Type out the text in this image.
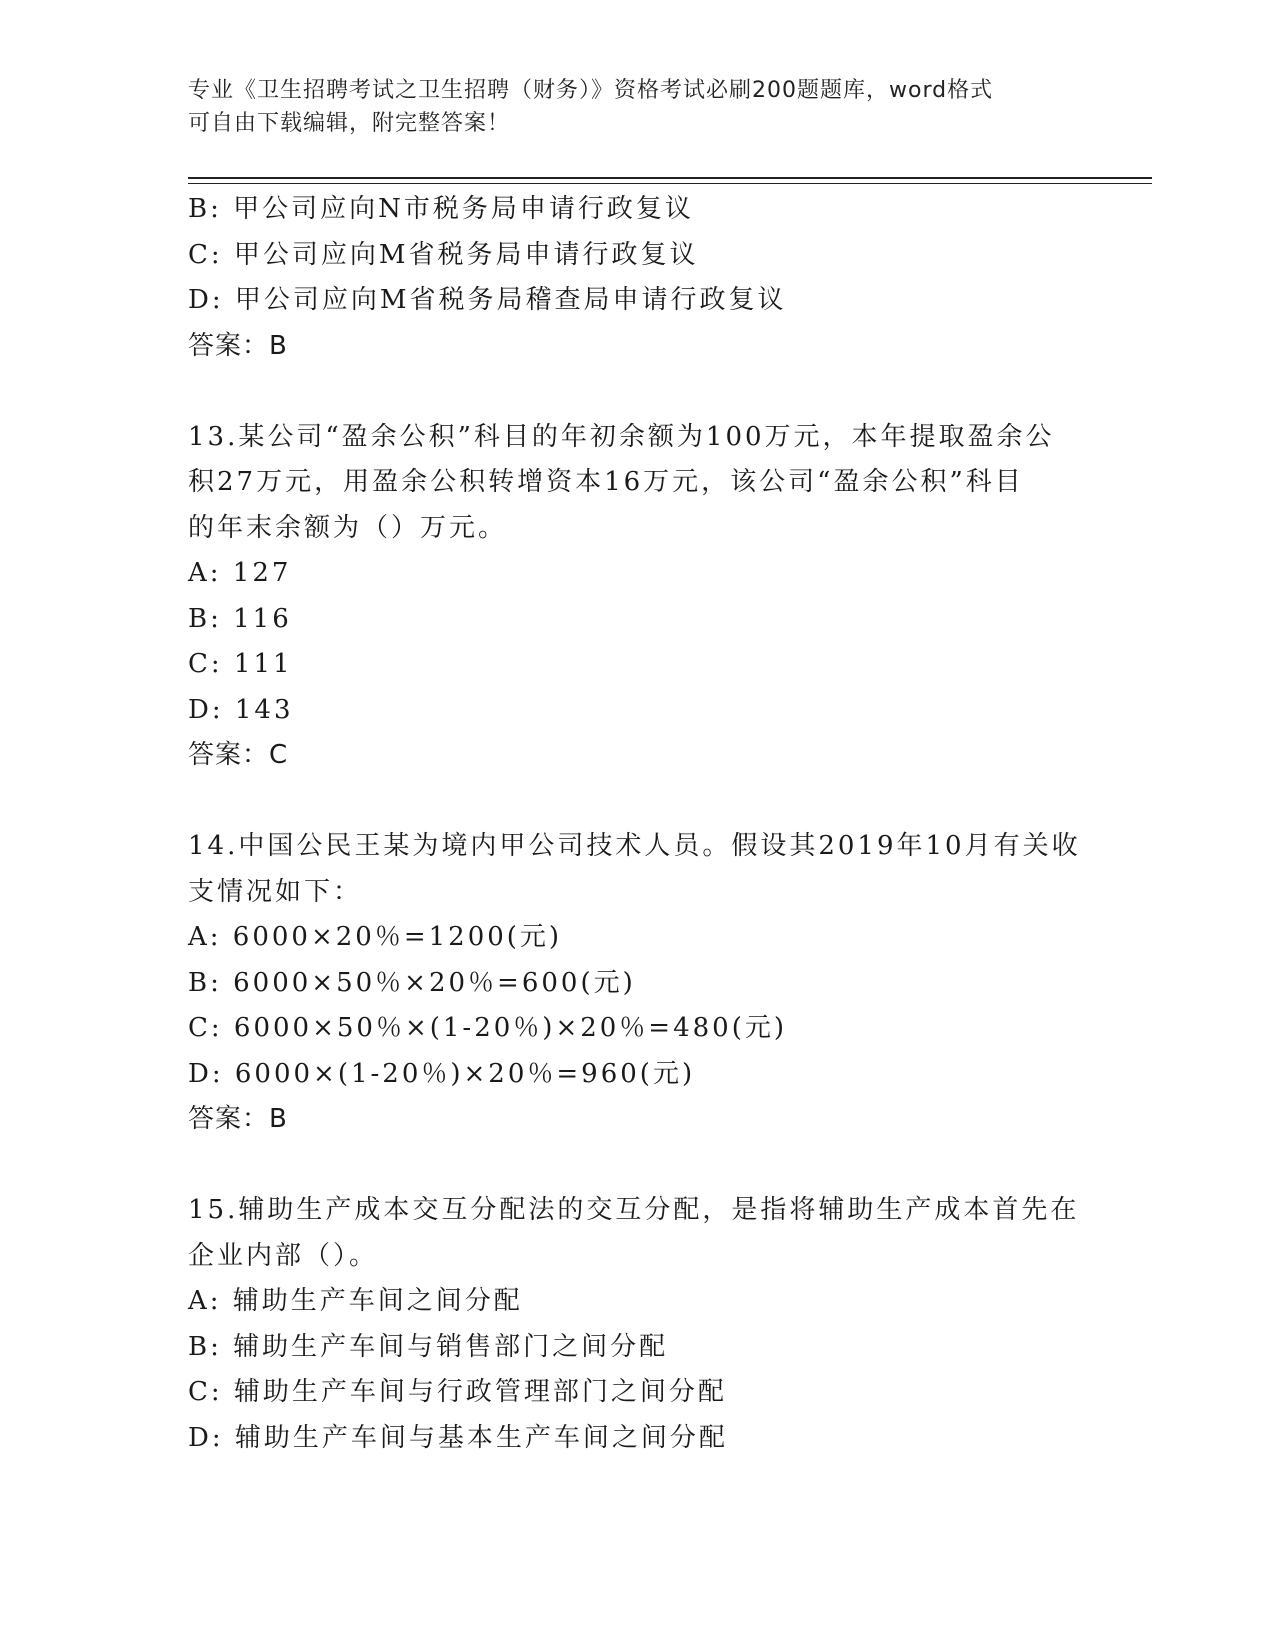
专业《卫生招聘考试之卫生招聘（财务）》资格考试必刷200题题库，word格式
可自由下载编辑，附完整答案！
B: 甲公司应向N市税务局申请行政复议
C: 甲公司应向M省税务局申请行政复议
D: 甲公司应向M省税务局稽查局申请行政复议
答案：B
13.某公司“盈余公积”科目的年初余额为100万元，本年提取盈余公
积27万元，用盈余公积转增资本16万元，该公司“盈余公积”科目
的年末余额为（）万元。
A: 127
B: 116
C: 111
D: 143
答案：C
14.中国公民王某为境内甲公司技术人员。假设其2019年10月有关收
支情况如下：
A: 6000×20％=1200(元)
B: 6000×50％×20％=600(元)
C: 6000×50％×(1-20％)×20％=480(元)
D: 6000×(1-20％)×20％=960(元)
答案：B
15.辅助生产成本交互分配法的交互分配，是指将辅助生产成本首先在
企业内部（）。
A: 辅助生产车间之间分配
B: 辅助生产车间与销售部门之间分配
C: 辅助生产车间与行政管理部门之间分配
D: 辅助生产车间与基本生产车间之间分配
